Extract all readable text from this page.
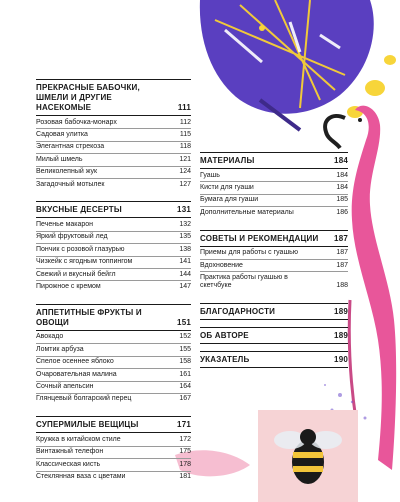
ПРЕКРАСНЫЕ БАБОЧКИ, ШМЕЛИ И ДРУГИЕ НАСЕКОМЫЕ	111
Розовая бабочка-монарх	112
Садовая улитка	115
Элегантная стрекоза	118
Милый шмель	121
Великолепный жук	124
Загадочный мотылек	127
ВКУСНЫЕ ДЕСЕРТЫ	131
Печенье макарон	132
Яркий фруктовый лед	135
Пончик с розовой глазурью	138
Чизкейк с ягодным топпингом	141
Свежий и вкусный бейгл	144
Пирожное с кремом	147
АППЕТИТНЫЕ ФРУКТЫ И ОВОЩИ	151
Авокадо	152
Ломтик арбуза	155
Спелое осеннее яблоко	158
Очаровательная малина	161
Сочный апельсин	164
Глянцевый болгарский перец	167
СУПЕРМИЛЫЕ ВЕЩИЦЫ	171
Кружка в китайском стиле	172
Винтажный телефон	175
Классическая кисть	178
Стеклянная ваза с цветами	181
МАТЕРИАЛЫ	184
Гуашь	184
Кисти для гуаши	184
Бумага для гуаши	185
Дополнительные материалы	186
СОВЕТЫ И РЕКОМЕНДАЦИИ 187
Приемы для работы с гуашью	187
Вдохновение	187
Практика работы гуашью в скетчбуке	188
БЛАГОДАРНОСТИ	189
ОБ АВТОРЕ	189
УКАЗАТЕЛЬ	190
